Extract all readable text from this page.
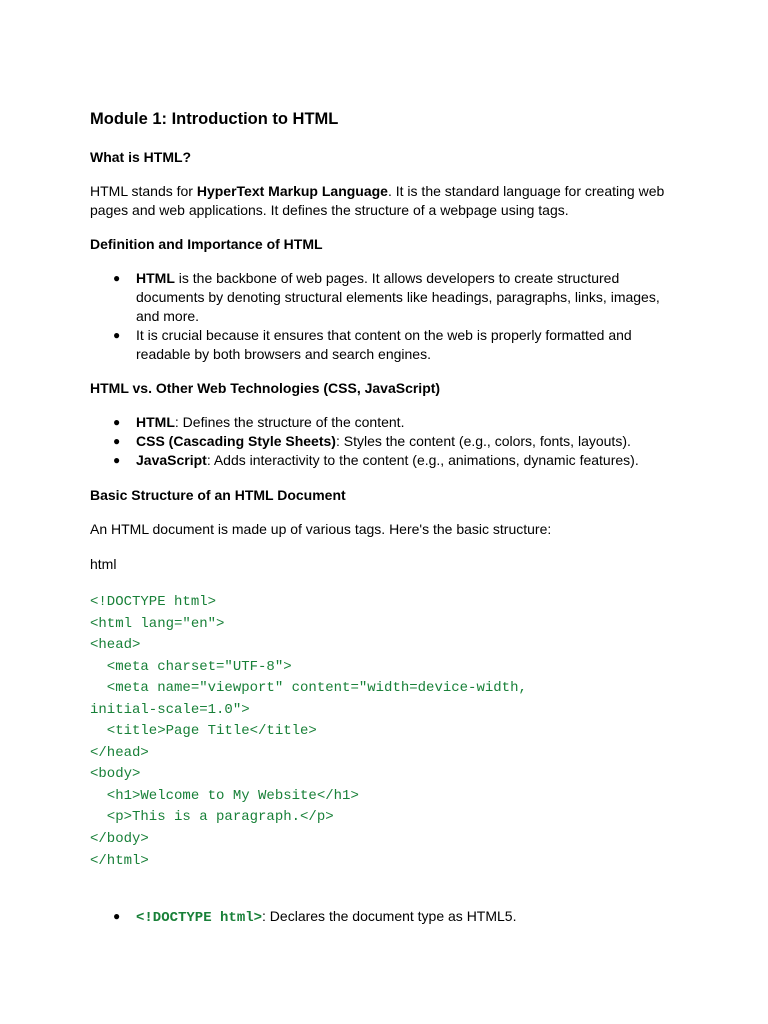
Module 1: Introduction to HTML
What is HTML?
HTML stands for HyperText Markup Language. It is the standard language for creating web pages and web applications. It defines the structure of a webpage using tags.
Definition and Importance of HTML
● HTML is the backbone of web pages. It allows developers to create structured documents by denoting structural elements like headings, paragraphs, links, images, and more.
● It is crucial because it ensures that content on the web is properly formatted and readable by both browsers and search engines.
HTML vs. Other Web Technologies (CSS, JavaScript)
● HTML: Defines the structure of the content.
● CSS (Cascading Style Sheets): Styles the content (e.g., colors, fonts, layouts).
● JavaScript: Adds interactivity to the content (e.g., animations, dynamic features).
Basic Structure of an HTML Document
An HTML document is made up of various tags. Here's the basic structure:
html
<!DOCTYPE html>
<html lang="en">
<head>
<meta charset="UTF-8">
<meta name="viewport" content="width=device-width,
initial-scale=1.0">
<title>Page Title</title>
</head>
<body>
<h1>Welcome to My Website</h1>
<p>This is a paragraph.</p>
</body>
</html>
● <!DOCTYPE html>: Declares the document type as HTML5.
